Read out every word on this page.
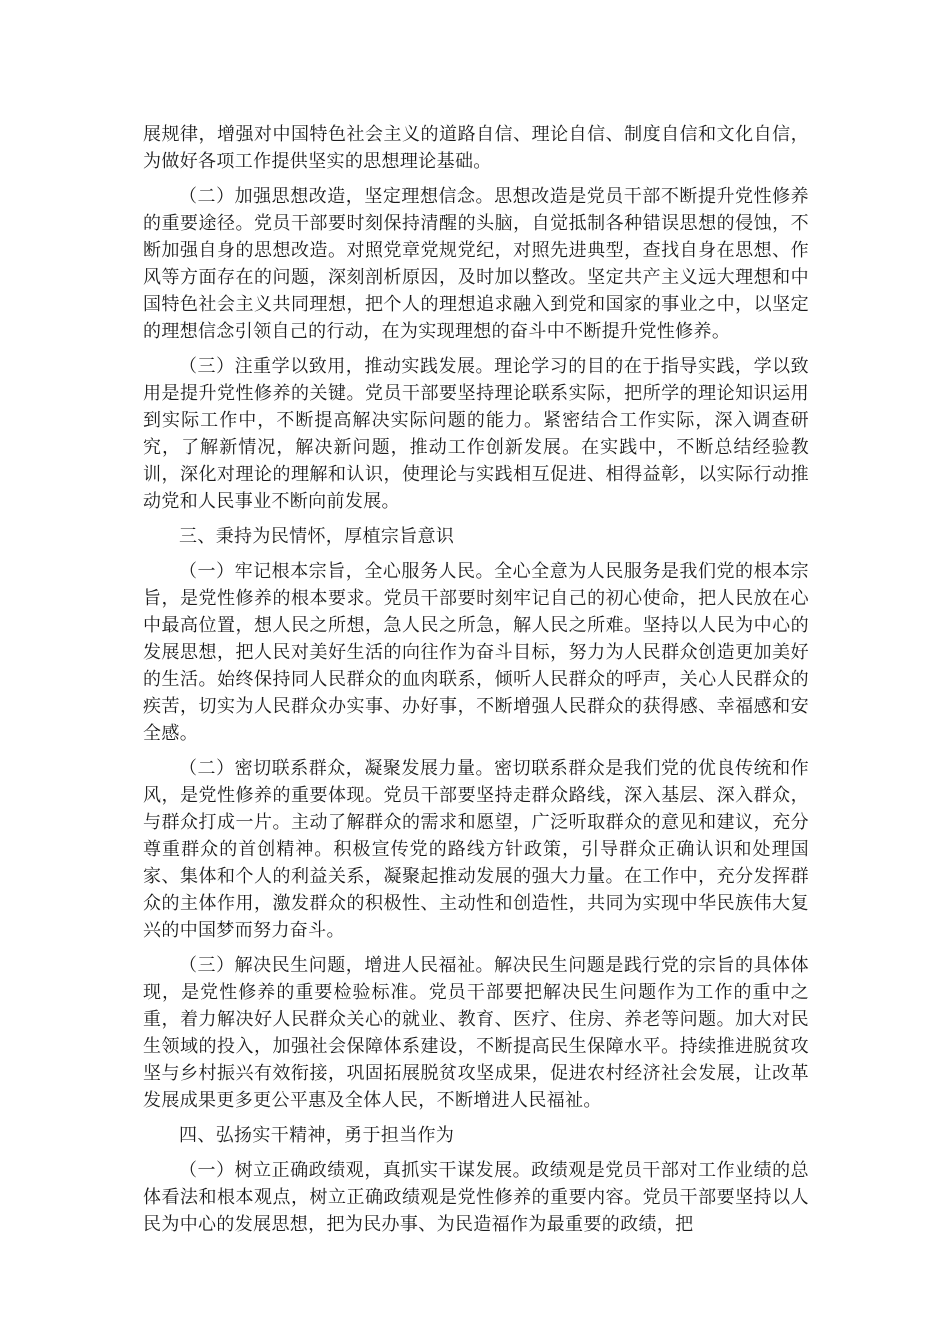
展规律，增强对中国特色社会主义的道路自信、理论自信、制度自信和文化自信，为做好各项工作提供坚实的思想理论基础。

（二）加强思想改造，坚定理想信念。思想改造是党员干部不断提升党性修养的重要途径。党员干部要时刻保持清醒的头脑，自觉抵制各种错误思想的侵蚀，不断加强自身的思想改造。对照党章党规党纪，对照先进典型，查找自身在思想、作风等方面存在的问题，深刻剖析原因，及时加以整改。坚定共产主义远大理想和中国特色社会主义共同理想，把个人的理想追求融入到党和国家的事业之中，以坚定的理想信念引领自己的行动，在为实现理想的奋斗中不断提升党性修养。

（三）注重学以致用，推动实践发展。理论学习的目的在于指导实践，学以致用是提升党性修养的关键。党员干部要坚持理论联系实际，把所学的理论知识运用到实际工作中，不断提高解决实际问题的能力。紧密结合工作实际，深入调查研究，了解新情况，解决新问题，推动工作创新发展。在实践中，不断总结经验教训，深化对理论的理解和认识，使理论与实践相互促进、相得益彰，以实际行动推动党和人民事业不断向前发展。

三、秉持为民情怀，厚植宗旨意识

（一）牢记根本宗旨，全心服务人民。全心全意为人民服务是我们党的根本宗旨，是党性修养的根本要求。党员干部要时刻牢记自己的初心使命，把人民放在心中最高位置，想人民之所想，急人民之所急，解人民之所难。坚持以人民为中心的发展思想，把人民对美好生活的向往作为奋斗目标，努力为人民群众创造更加美好的生活。始终保持同人民群众的血肉联系，倾听人民群众的呼声，关心人民群众的疾苦，切实为人民群众办实事、办好事，不断增强人民群众的获得感、幸福感和安全感。

（二）密切联系群众，凝聚发展力量。密切联系群众是我们党的优良传统和作风，是党性修养的重要体现。党员干部要坚持走群众路线，深入基层、深入群众，与群众打成一片。主动了解群众的需求和愿望，广泛听取群众的意见和建议，充分尊重群众的首创精神。积极宣传党的路线方针政策，引导群众正确认识和处理国家、集体和个人的利益关系，凝聚起推动发展的强大力量。在工作中，充分发挥群众的主体作用，激发群众的积极性、主动性和创造性，共同为实现中华民族伟大复兴的中国梦而努力奋斗。

（三）解决民生问题，增进人民福祉。解决民生问题是践行党的宗旨的具体体现，是党性修养的重要检验标准。党员干部要把解决民生问题作为工作的重中之重，着力解决好人民群众关心的就业、教育、医疗、住房、养老等问题。加大对民生领域的投入，加强社会保障体系建设，不断提高民生保障水平。持续推进脱贫攻坚与乡村振兴有效衔接，巩固拓展脱贫攻坚成果，促进农村经济社会发展，让改革发展成果更多更公平惠及全体人民，不断增进人民福祉。

四、弘扬实干精神，勇于担当作为

（一）树立正确政绩观，真抓实干谋发展。政绩观是党员干部对工作业绩的总体看法和根本观点，树立正确政绩观是党性修养的重要内容。党员干部要坚持以人民为中心的发展思想，把为民办事、为民造福作为最重要的政绩，把
